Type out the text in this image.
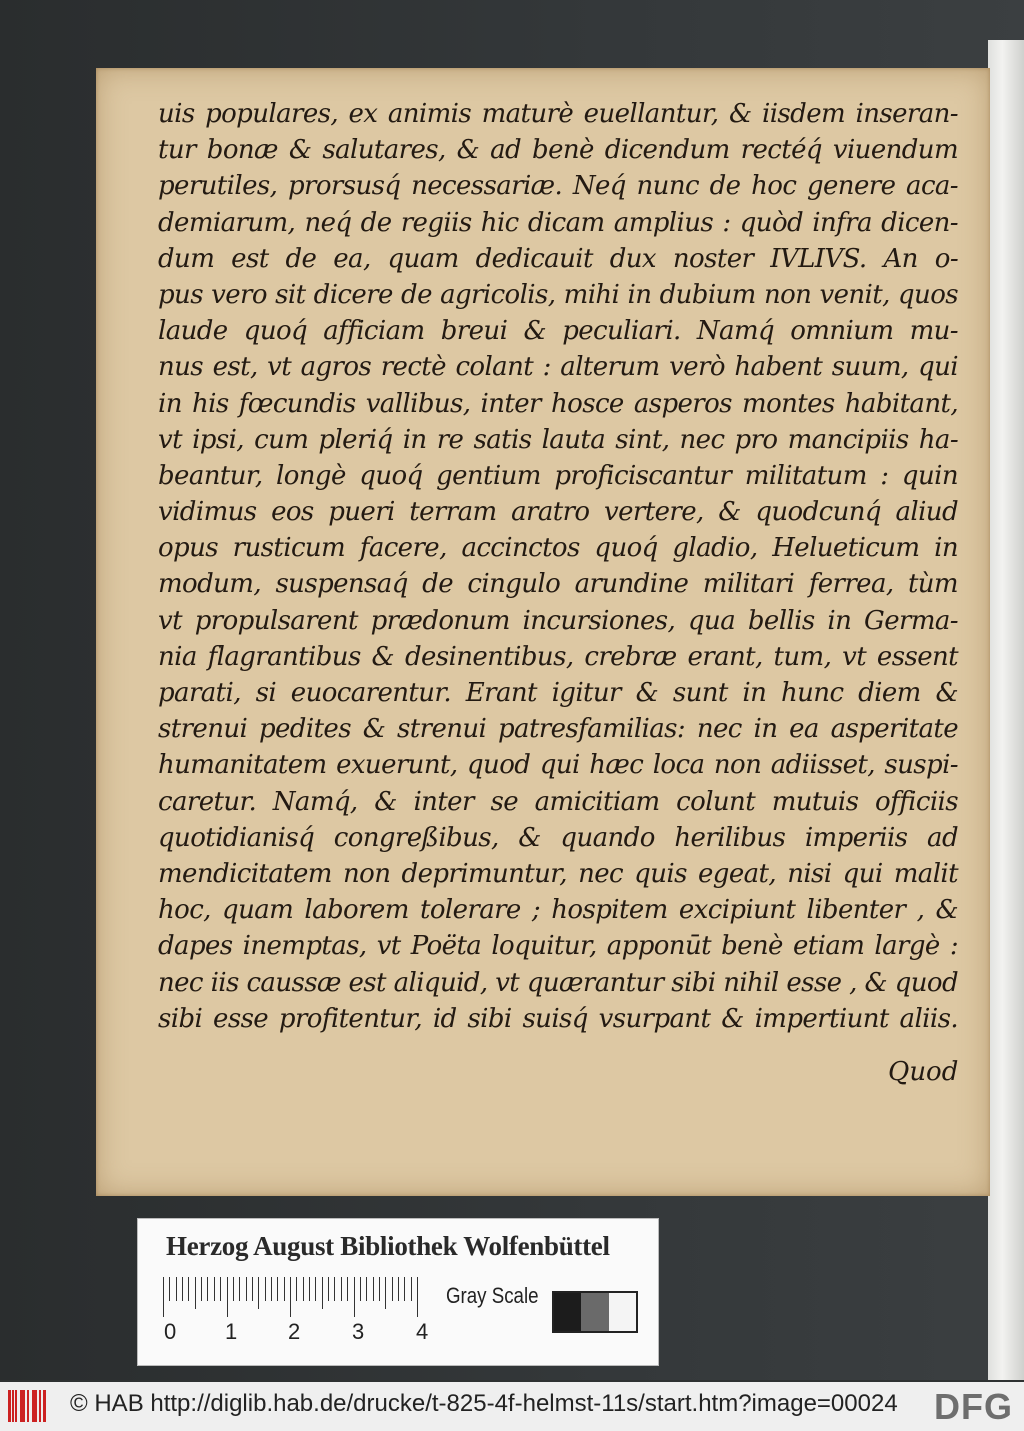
uis populares, ex animis maturè euellantur, & iisdem inseran-
tur bonæ & salutares, & ad benè dicendum rectéq́ viuendum
perutiles, prorsusq́ necessariæ. Neq́ nunc de hoc genere aca-
demiarum, neq́ de regiis hic dicam amplius : quòd infra dicen-
dum est de ea, quam dedicauit dux noster IVLIVS. An o-
pus vero sit dicere de agricolis, mihi in dubium non venit, quos
laude quoq́ afficiam breui & peculiari. Namq́ omnium mu-
nus est, vt agros rectè colant : alterum verò habent suum, qui
in his fœcundis vallibus, inter hosce asperos montes habitant,
vt ipsi, cum pleriq́ in re satis lauta sint, nec pro mancipiis ha-
beantur, longè quoq́ gentium proficiscantur militatum : quin
vidimus eos pueri terram aratro vertere, & quodcunq́ aliud
opus rusticum facere, accinctos quoq́ gladio, Helueticum in
modum, suspensaq́ de cingulo arundine militari ferrea, tùm
vt propulsarent prædonum incursiones, qua bellis in Germa-
nia flagrantibus & desinentibus, crebræ erant, tum, vt essent
parati, si euocarentur. Erant igitur & sunt in hunc diem &
strenui pedites & strenui patresfamilias: nec in ea asperitate
humanitatem exuerunt, quod qui hæc loca non adiisset, suspi-
caretur. Namq́, & inter se amicitiam colunt mutuis officiis
quotidianisq́ congreßibus, & quando herilibus imperiis ad
mendicitatem non deprimuntur, nec quis egeat, nisi qui malit
hoc, quam laborem tolerare ; hospitem excipiunt libenter , &
dapes inemptas, vt Poëta loquitur, apponūt benè etiam largè :
nec iis caussæ est aliquid, vt quærantur sibi nihil esse , & quod
sibi esse profitentur, id sibi suisq́ vsurpant & impertiunt aliis.
Quod
Herzog August Bibliothek Wolfenbüttel
0 1 2 3 4
Gray Scale
© HAB http://diglib.hab.de/drucke/t-825-4f-helmst-11s/start.htm?image=00024 DFG
